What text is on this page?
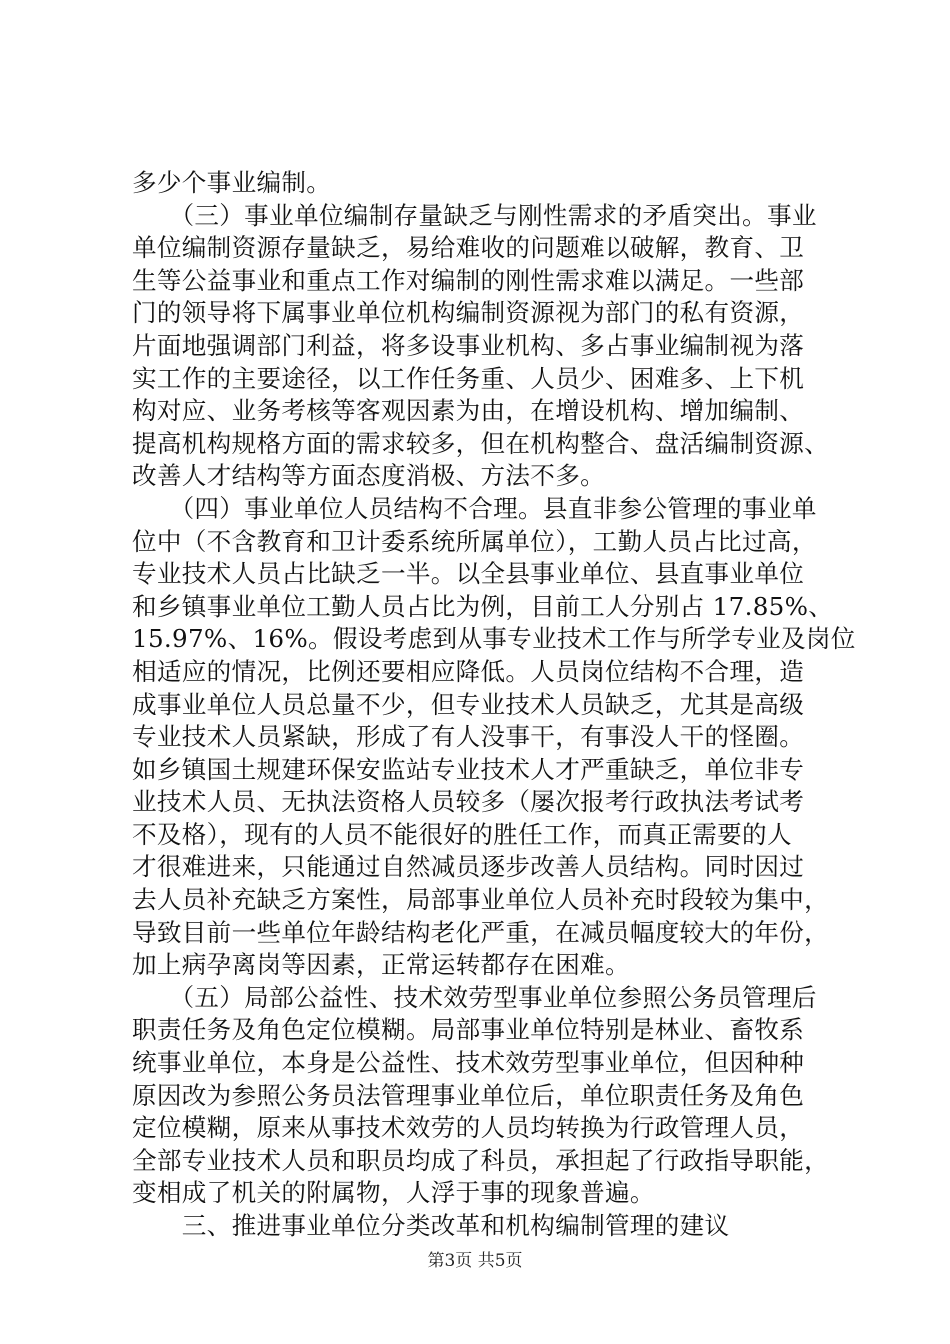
多少个事业编制。
　　（三）事业单位编制存量缺乏与刚性需求的矛盾突出。事业
单位编制资源存量缺乏，易给难收的问题难以破解，教育、卫
生等公益事业和重点工作对编制的刚性需求难以满足。一些部
门的领导将下属事业单位机构编制资源视为部门的私有资源，
片面地强调部门利益，将多设事业机构、多占事业编制视为落
实工作的主要途径，以工作任务重、人员少、困难多、上下机
构对应、业务考核等客观因素为由，在增设机构、增加编制、
提高机构规格方面的需求较多，但在机构整合、盘活编制资源、
改善人才结构等方面态度消极、方法不多。
　　（四）事业单位人员结构不合理。县直非参公管理的事业单
位中（不含教育和卫计委系统所属单位），工勤人员占比过高，
专业技术人员占比缺乏一半。以全县事业单位、县直事业单位
和乡镇事业单位工勤人员占比为例，目前工人分别占 17.85%、
15.97%、16%。假设考虑到从事专业技术工作与所学专业及岗位
相适应的情况，比例还要相应降低。人员岗位结构不合理，造
成事业单位人员总量不少，但专业技术人员缺乏，尤其是高级
专业技术人员紧缺，形成了有人没事干，有事没人干的怪圈。
如乡镇国土规建环保安监站专业技术人才严重缺乏，单位非专
业技术人员、无执法资格人员较多（屡次报考行政执法考试考
不及格），现有的人员不能很好的胜任工作，而真正需要的人
才很难进来，只能通过自然减员逐步改善人员结构。同时因过
去人员补充缺乏方案性，局部事业单位人员补充时段较为集中，
导致目前一些单位年龄结构老化严重，在减员幅度较大的年份，
加上病孕离岗等因素，正常运转都存在困难。
　　（五）局部公益性、技术效劳型事业单位参照公务员管理后
职责任务及角色定位模糊。局部事业单位特别是林业、畜牧系
统事业单位，本身是公益性、技术效劳型事业单位，但因种种
原因改为参照公务员法管理事业单位后，单位职责任务及角色
定位模糊，原来从事技术效劳的人员均转换为行政管理人员，
全部专业技术人员和职员均成了科员，承担起了行政指导职能，
变相成了机关的附属物，人浮于事的现象普遍。
　　三、推进事业单位分类改革和机构编制管理的建议
第3页 共5页
